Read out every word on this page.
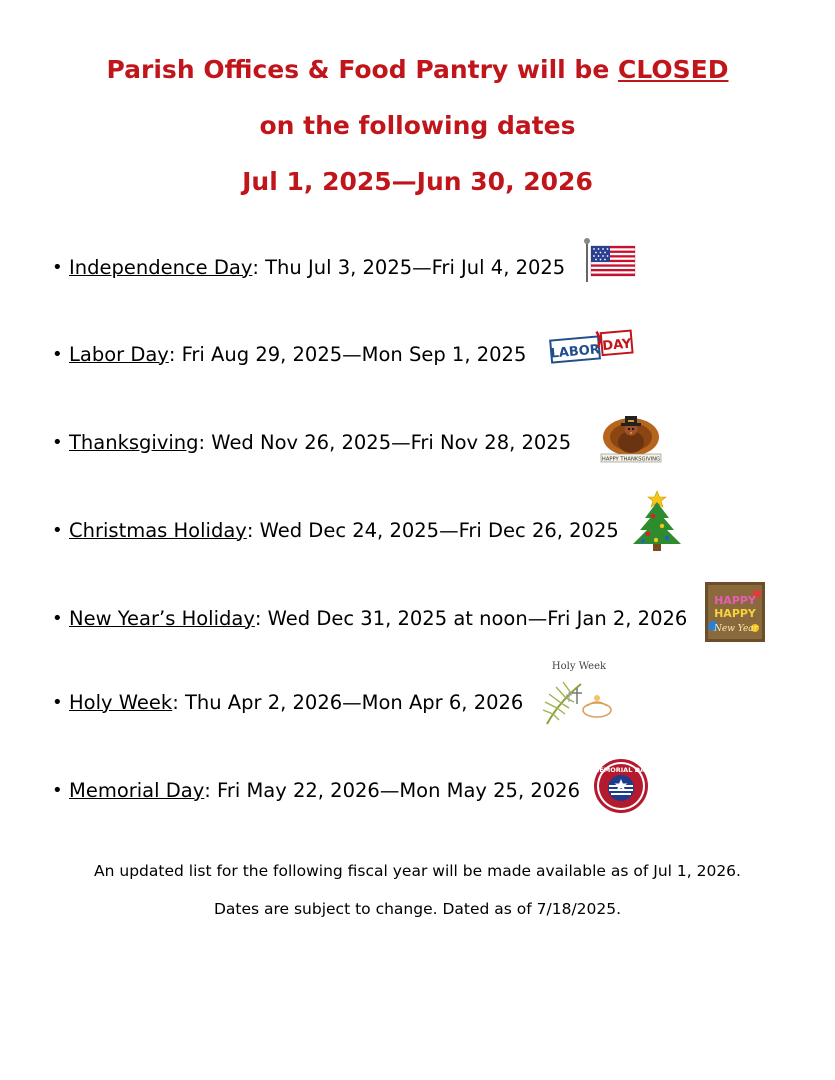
Parish Offices & Food Pantry will be CLOSED

on the following dates

Jul 1, 2025—Jun 30, 2026

• Independence Day : Thu Jul 3, 2025—Fri Jul 4, 2025
• Labor Day : Fri Aug 29, 2025—Mon Sep 1, 2025 LABOR DAY
• Thanksgiving : Wed Nov 26, 2025—Fri Nov 28, 2025
HAPPY THANKSGIVING
• Christmas Holiday : Wed Dec 24, 2025—Fri Dec 26, 2025
• New Year’s Holiday : Wed Dec 31, 2025 at noon—Fri Jan 2, 2026
HAPPY
HAPPY
New Year
• Holy Week : Thu Apr 2, 2026—Mon Apr 6, 2026
Holy Week
• Memorial Day : Fri May 22, 2026—Mon May 25, 2026
MEMORIAL DAY

An updated list for the following fiscal year will be made available as of Jul 1, 2026.

Dates are subject to change. Dated as of 7/18/2025.
